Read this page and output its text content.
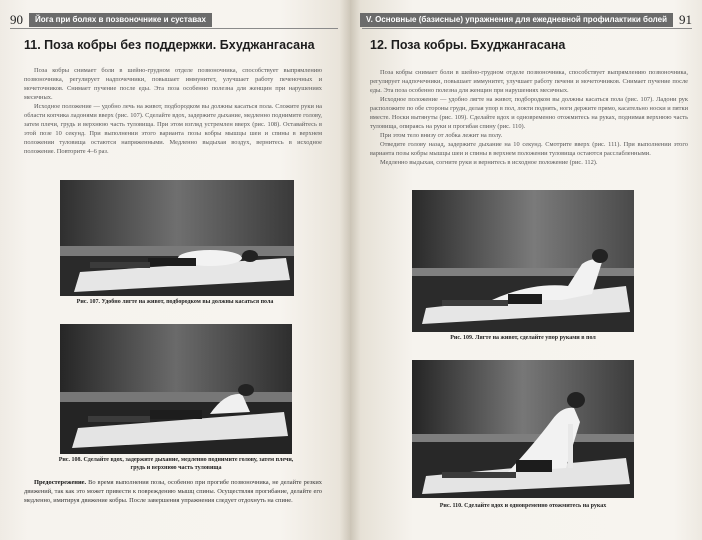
90	Йога при болях в позвоночнике и суставах
11. Поза кобры без поддержки. Бхуджангасана

Поза кобры снимает боли в шейно-грудном отделе позвоночника, способствует выпрямлению позвоночника, регулирует надпочечники, повышает иммунитет, улучшает работу печеночных и мочеточников. Снимает пучение после еды. Эта поза особенно полезна для женщин при нарушениях месячных.

Исходное положение — удобно лечь на живот, подбородком вы должны касаться пола. Сложите руки на области копчика ладонями вверх (рис. 107). Сделайте вдох, задержите дыхание, медленно поднимите голову, затем плечи, грудь и верхнюю часть туловища. При этом взгляд устремлен вверх (рис. 108). Оставайтесь в этой позе 10 секунд. При выполнении этого варианта позы кобры мышцы шеи и спины в верхнем положении туловища остаются напряженными. Медленно выдыхая воздух, вернитесь в исходное положение. Повторите 4–6 раз.

Рис. 107. Удобно лягте на живот, подбородком вы должны касаться пола
Рис. 108. Сделайте вдох, задержите дыхание, медленно поднимите голову, затем плечи, грудь и верхнюю часть туловища

Предостережение. Во время выполнения позы, особенно при прогибе позвоночника, не делайте резких движений, так как это может привести к повреждению мышц спины. Осуществляя прогибание, делайте его медленно, имитируя движение кобры. После завершения упражнения следует отдохнуть на спине.

V. Основные (базисные) упражнения для ежедневной профилактики болей 91
12. Поза кобры. Бхуджангасана

Поза кобры снимает боли в шейно-грудном отделе позвоночника, способствует выпрямлению позвоночника, регулирует надпочечники, повышает иммунитет, улучшает работу печени и мочеточников. Снимает пучение после еды. Эта поза особенно полезна для женщин при нарушениях месячных.

Исходное положение — удобно лягте на живот, подбородком вы должны касаться пола (рис. 107). Ладони рук расположите по обе стороны груди, делая упор в пол, локти поднять, ноги держите прямо, касательно носки и пятки вместе. Носки вытянуты (рис. 109). Сделайте вдох и одновременно отожмитесь на руках, поднимая верхнюю часть туловища, опираясь на руки и прогибая спину (рис. 110).

При этом тело внизу от лобка лежит на полу.

Отведите голову назад, задержите дыхание на 10 секунд. Смотрите вверх (рис. 111). При выполнении этого варианта позы кобры мышцы шеи и спины в верхнем положении туловища остаются расслабленными.

Медленно выдыхая, согните руки и вернитесь в исходное положение (рис. 112).

Рис. 109. Лягте на живот, сделайте упор руками в пол
Рис. 110. Сделайте вдох и одновременно отожмитесь на руках
